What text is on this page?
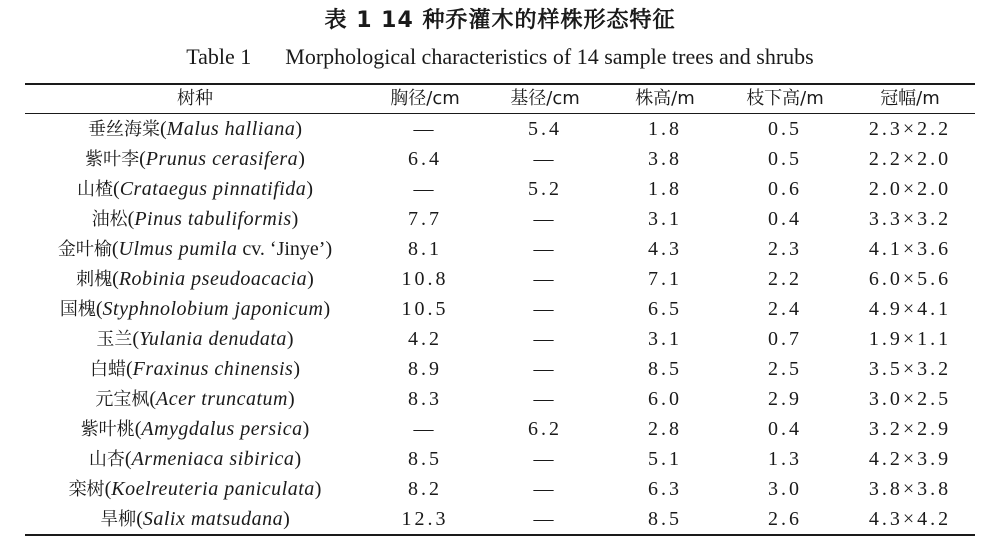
表 1 14 种乔灌木的样株形态特征
Table 1 Morphological characteristics of 14 sample trees and shrubs
树种	胸径/cm	基径/cm	株高/m	枝下高/m	冠幅/m
垂丝海棠(Malus halliana)	—	5.4	1.8	0.5	2.3×2.2
紫叶李(Prunus cerasifera)	6.4	—	3.8	0.5	2.2×2.0
山楂(Crataegus pinnatifida)	—	5.2	1.8	0.6	2.0×2.0
油松(Pinus tabuliformis)	7.7	—	3.1	0.4	3.3×3.2
金叶榆(Ulmus pumila cv. ‘Jinye’)	8.1	—	4.3	2.3	4.1×3.6
刺槐(Robinia pseudoacacia)	10.8	—	7.1	2.2	6.0×5.6
国槐(Styphnolobium japonicum)	10.5	—	6.5	2.4	4.9×4.1
玉兰(Yulania denudata)	4.2	—	3.1	0.7	1.9×1.1
白蜡(Fraxinus chinensis)	8.9	—	8.5	2.5	3.5×3.2
元宝枫(Acer truncatum)	8.3	—	6.0	2.9	3.0×2.5
紫叶桃(Amygdalus persica)	—	6.2	2.8	0.4	3.2×2.9
山杏(Armeniaca sibirica)	8.5	—	5.1	1.3	4.2×3.9
栾树(Koelreuteria paniculata)	8.2	—	6.3	3.0	3.8×3.8
旱柳(Salix matsudana)	12.3	—	8.5	2.6	4.3×4.2
